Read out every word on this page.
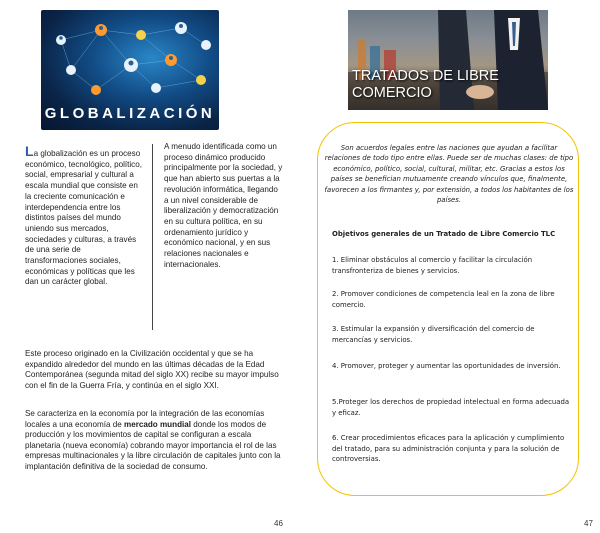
GLOBALIZACIÓN
La globalización es un proceso económico, tecnológico, político, social, empresarial y cultural a escala mundial que consiste en la creciente comunicación e interdependencia entre los distintos países del mundo uniendo sus mercados, sociedades y culturas, a través de una serie de transformaciones sociales, económicas y políticas que les dan un carácter global.
A menudo identificada como un proceso dinámico producido principalmente por la sociedad, y que han abierto sus puertas a la revolución informática, llegando a un nivel considerable de liberalización y democratización en su cultura política, en su ordenamiento jurídico y económico nacional, y en sus relaciones nacionales e internacionales.
Este proceso originado en la Civilización occidental y que se ha expandido alrededor del mundo en las últimas décadas de la Edad Contemporánea (segunda mitad del siglo XX) recibe su mayor impulso con el fin de la Guerra Fría, y continúa en el siglo XXI.
Se caracteriza en la economía por la integración de las economías locales a una economía de mercado mundial donde los modos de producción y los movimientos de capital se configuran a escala planetaria (nueva economía) cobrando mayor importancia el rol de las empresas multinacionales y la libre circulación de capitales junto con la implantación definitiva de la sociedad de consumo.
46
TRATADOS DE LIBRE
COMERCIO
Son acuerdos legales entre las naciones que ayudan a facilitar relaciones de todo tipo entre ellas. Puede ser de muchas clases: de tipo económico, político, social, cultural, militar, etc. Gracias a estos los países se benefician mutuamente creando vínculos que, finalmente, favorecen a los firmantes y, por extensión, a todos los habitantes de los países.
Objetivos generales de un Tratado de Libre Comercio TLC
1. Eliminar obstáculos al comercio y facilitar la circulación transfronteriza de bienes y servicios.
2. Promover condiciones de competencia leal en la zona de libre comercio.
3. Estimular la expansión y diversificación del comercio de mercancías y servicios.
4. Promover, proteger y aumentar las oportunidades de inversión.
5.Proteger los derechos de propiedad intelectual en forma adecuada y eficaz.
6. Crear procedimientos eficaces para la aplicación y cumplimiento del tratado, para su administración conjunta y para la solución de controversias.
47
